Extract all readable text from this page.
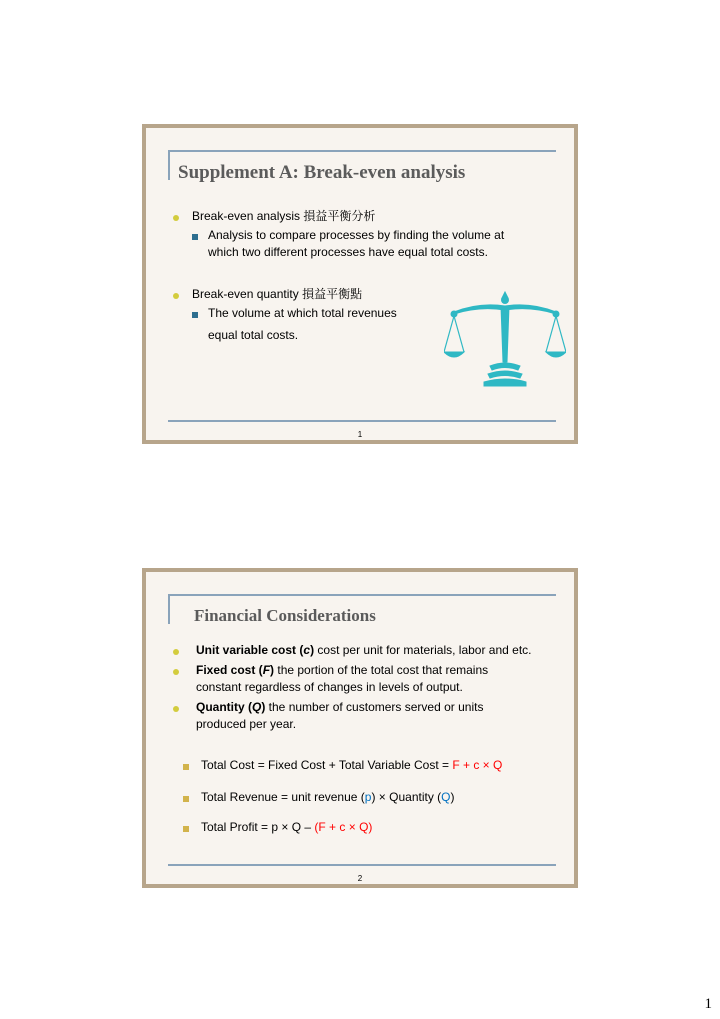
Supplement A: Break-even analysis
Break-even analysis 損益平衡分析
Analysis to compare processes by finding the volume at
which two different processes have equal total costs.
Break-even quantity 損益平衡點
The volume at which total revenues
equal total costs.
1
Financial Considerations
Unit variable cost (c) cost per unit for materials, labor and etc.
Fixed cost (F) the portion of the total cost that remains
constant regardless of changes in levels of output.
Quantity (Q) the number of customers served or units
produced per year.
Total Cost = Fixed Cost + Total Variable Cost = F + c × Q
Total Revenue = unit revenue (p) × Quantity (Q)
Total Profit = p × Q – (F + c × Q)
2
1
